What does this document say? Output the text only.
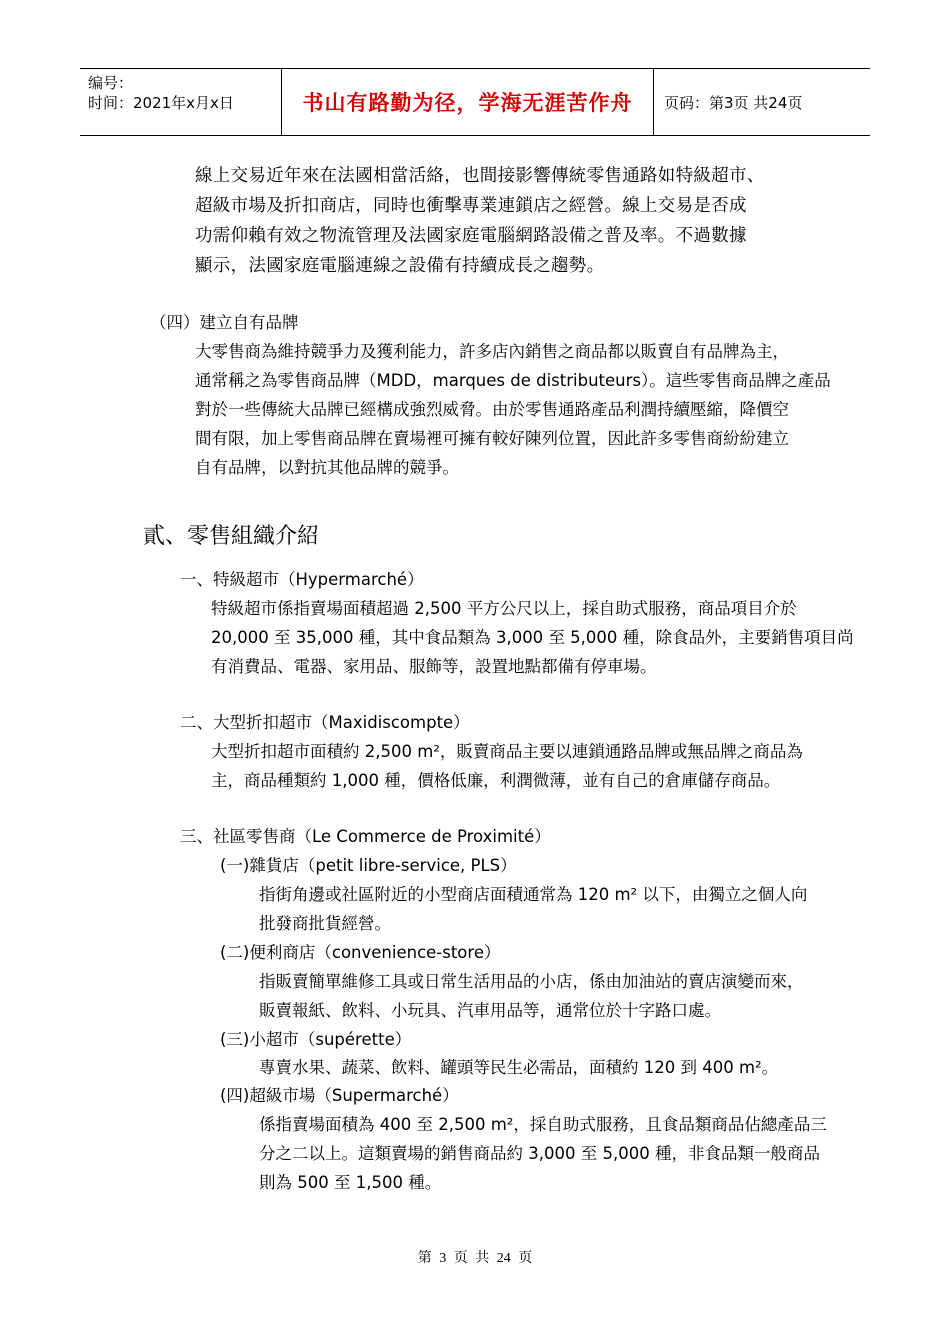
编号：
时间：2021年x月x日	书山有路勤为径，学海无涯苦作舟	页码：第3页 共24页
線上交易近年來在法國相當活絡，也間接影響傳統零售通路如特級超市、
超級市場及折扣商店，同時也衝擊專業連鎖店之經營。線上交易是否成
功需仰賴有效之物流管理及法國家庭電腦網路設備之普及率。不過數據
顯示，法國家庭電腦連線之設備有持續成長之趨勢。
（四）建立自有品牌
大零售商為維持競爭力及獲利能力，許多店內銷售之商品都以販賣自有品牌為主，
通常稱之為零售商品牌（MDD，marques de distributeurs）。這些零售商品牌之產品
對於一些傳統大品牌已經構成強烈威脅。由於零售通路產品利潤持續壓縮，降價空
間有限，加上零售商品牌在賣場裡可擁有較好陳列位置，因此許多零售商紛紛建立
自有品牌，以對抗其他品牌的競爭。
貳、零售組織介紹
一、特級超市（Hypermarché）
特級超市係指賣場面積超過 2,500 平方公尺以上，採自助式服務，商品項目介於
20,000 至 35,000 種，其中食品類為 3,000 至 5,000 種，除食品外，主要銷售項目尚
有消費品、電器、家用品、服飾等，設置地點都備有停車場。
二、大型折扣超市（Maxidiscompte）
大型折扣超市面積約 2,500 m²，販賣商品主要以連鎖通路品牌或無品牌之商品為
主，商品種類約 1,000 種，價格低廉，利潤微薄，並有自己的倉庫儲存商品。
三、社區零售商（Le Commerce de Proximité）
(一)雜貨店（petit libre-service, PLS）
指街角邊或社區附近的小型商店面積通常為 120 m² 以下，由獨立之個人向
批發商批貨經營。
(二)便利商店（convenience-store）
指販賣簡單維修工具或日常生活用品的小店，係由加油站的賣店演變而來，
販賣報紙、飲料、小玩具、汽車用品等，通常位於十字路口處。
(三)小超市（supérette）
專賣水果、蔬菜、飲料、罐頭等民生必需品，面積約 120 到 400 m²。
(四)超級市場（Supermarché）
係指賣場面積為 400 至 2,500 m²，採自助式服務，且食品類商品佔總產品三
分之二以上。這類賣場的銷售商品約 3,000 至 5,000 種，非食品類一般商品
則為 500 至 1,500 種。
第 3 页 共 24 页
